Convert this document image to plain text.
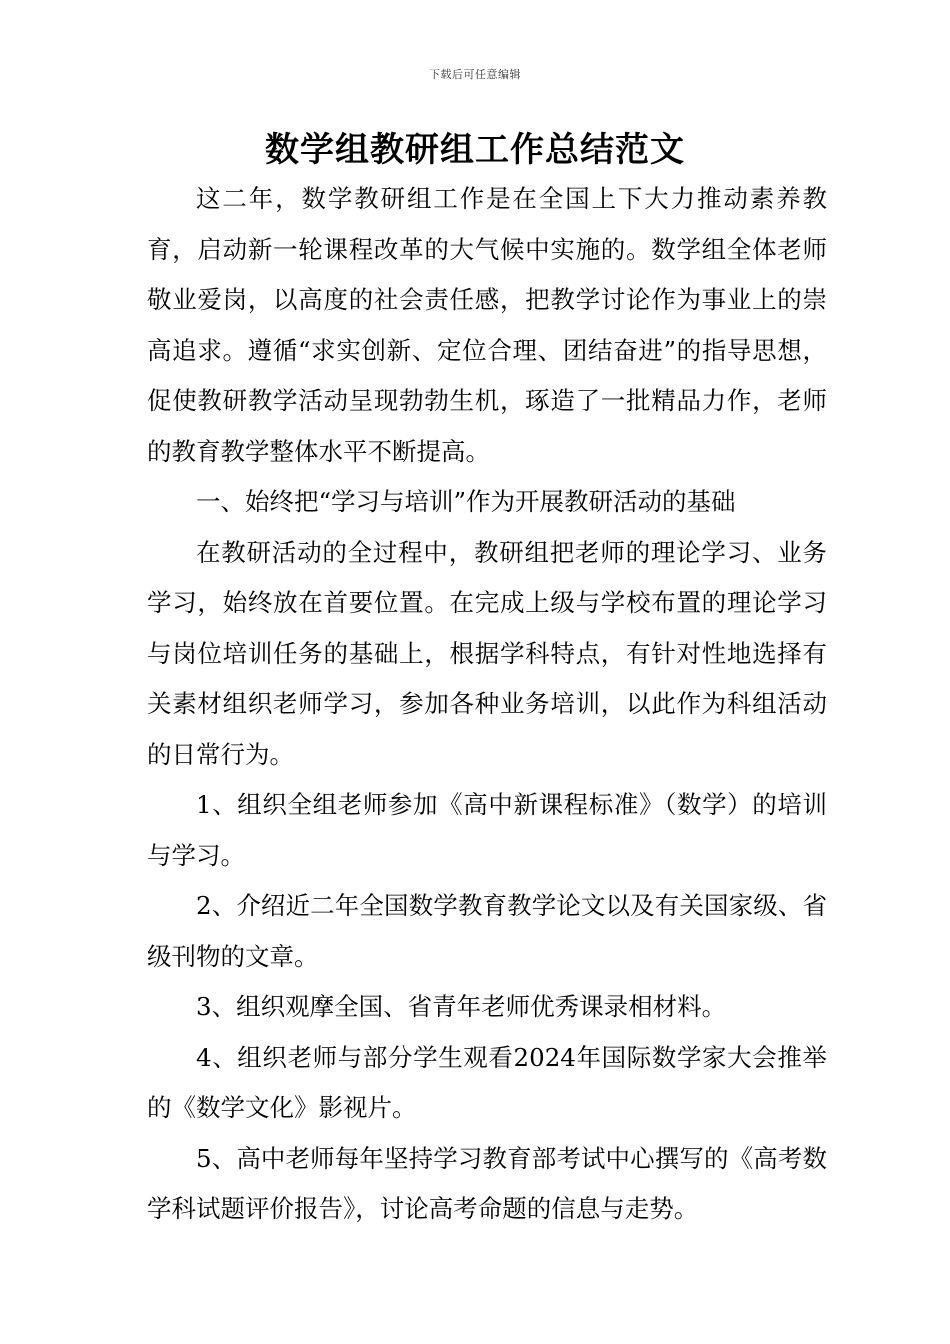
下载后可任意编辑
数学组教研组工作总结范文

这二年，数学教研组工作是在全国上下大力推动素养教育，启动新一轮课程改革的大气候中实施的。数学组全体老师敬业爱岗，以高度的社会责任感，把教学讨论作为事业上的崇高追求。遵循“求实创新、定位合理、团结奋进”的指导思想，促使教研教学活动呈现勃勃生机，琢造了一批精品力作，老师的教育教学整体水平不断提高。

一、始终把“学习与培训”作为开展教研活动的基础

在教研活动的全过程中，教研组把老师的理论学习、业务学习，始终放在首要位置。在完成上级与学校布置的理论学习与岗位培训任务的基础上，根据学科特点，有针对性地选择有关素材组织老师学习，参加各种业务培训，以此作为科组活动的日常行为。

1、组织全组老师参加《高中新课程标准》（数学）的培训与学习。

2、介绍近二年全国数学教育教学论文以及有关国家级、省级刊物的文章。

3、组织观摩全国、省青年老师优秀课录相材料。

4、组织老师与部分学生观看2024年国际数学家大会推举的《数学文化》影视片。

5、高中老师每年坚持学习教育部考试中心撰写的《高考数学科试题评价报告》，讨论高考命题的信息与走势。
